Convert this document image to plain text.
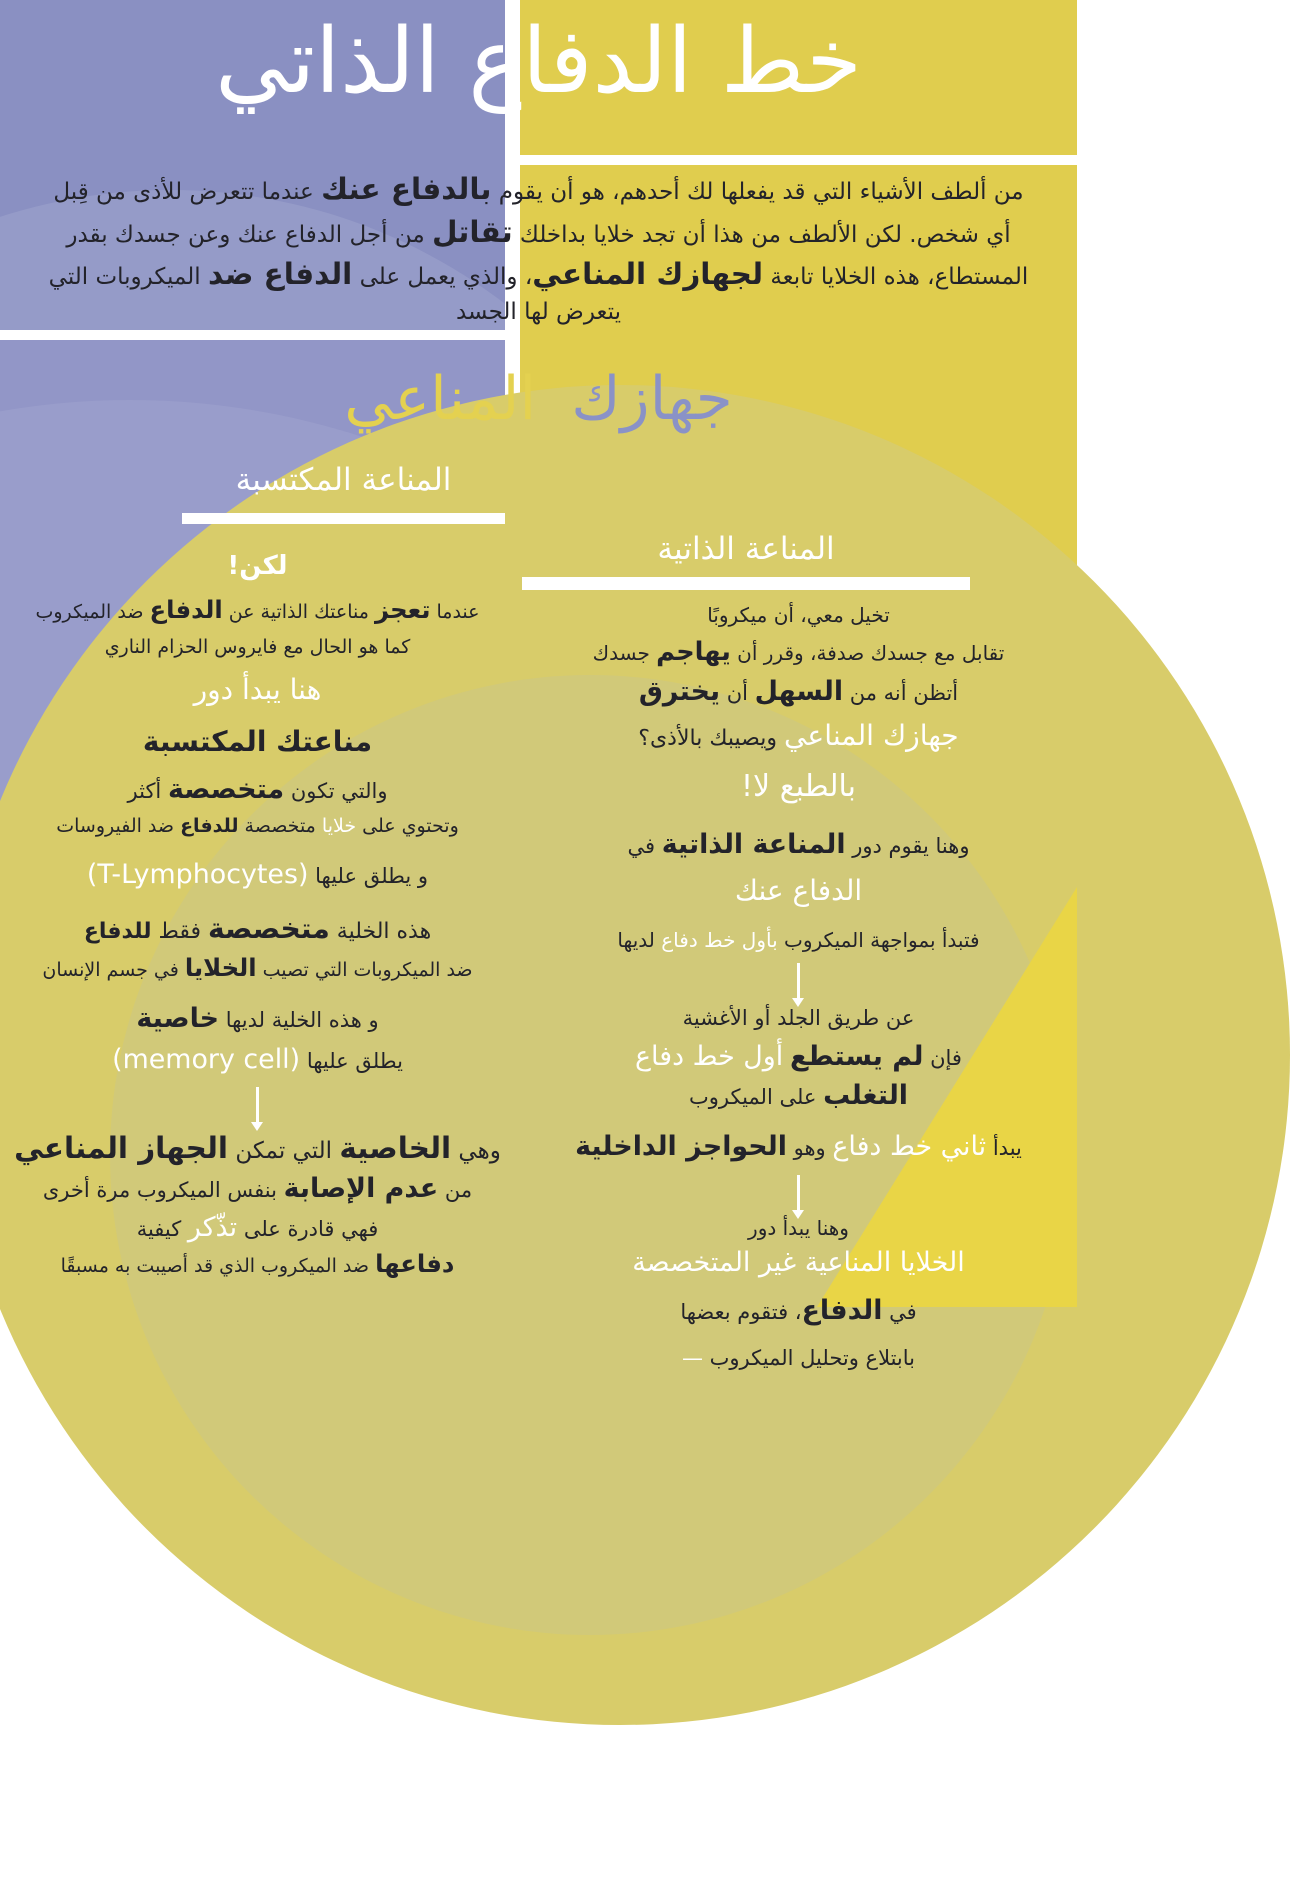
خط الدفاع الذاتي
من ألطف الأشياء التي قد يفعلها لك أحدهم، هو أن يقوم بالدفاع عنك عندما تتعرض للأذى من قِبل
أي شخص. لكن الألطف من هذا أن تجد خلايا بداخلك تقاتل من أجل الدفاع عنك وعن جسدك بقدر
المستطاع، هذه الخلايا تابعة لجهازك المناعي، والذي يعمل على الدفاع ضد الميكروبات التي
يتعرض لها الجسد
جهازك المناعي
المناعة المكتسبة
المناعة الذاتية
لكن!
عندما تعجز مناعتك الذاتية عن الدفاع ضد الميكروب
كما هو الحال مع فايروس الحزام الناري
هنا يبدأ دور
مناعتك المكتسبة
والتي تكون متخصصة أكثر
وتحتوي على خلايا متخصصة للدفاع ضد الفيروسات
و يطلق عليها (T-Lymphocytes)
هذه الخلية متخصصة فقط للدفاع
ضد الميكروبات التي تصيب الخلايا في جسم الإنسان
و هذه الخلية لديها خاصية
يطلق عليها (memory cell)
وهي الخاصية التي تمكن الجهاز المناعي
من عدم الإصابة بنفس الميكروب مرة أخرى
فهي قادرة على تذّكر كيفية
دفاعها ضد الميكروب الذي قد أصيبت به مسبقًا
تخيل معي، أن ميكروبًا
تقابل مع جسدك صدفة، وقرر أن يهاجم جسدك
أتظن أنه من السهل أن يخترق
جهازك المناعي ويصيبك بالأذى؟
بالطبع لا!
وهنا يقوم دور المناعة الذاتية في
الدفاع عنك
فتبدأ بمواجهة الميكروب بأول خط دفاع لديها
عن طريق الجلد أو الأغشية
فإن لم يستطع أول خط دفاع
التغلب على الميكروب
يبدأ ثاني خط دفاع وهو الحواجز الداخلية
وهنا يبدأ دور
الخلايا المناعية غير المتخصصة
في الدفاع، فتقوم بعضها
بابتلاع وتحليل الميكروب —
